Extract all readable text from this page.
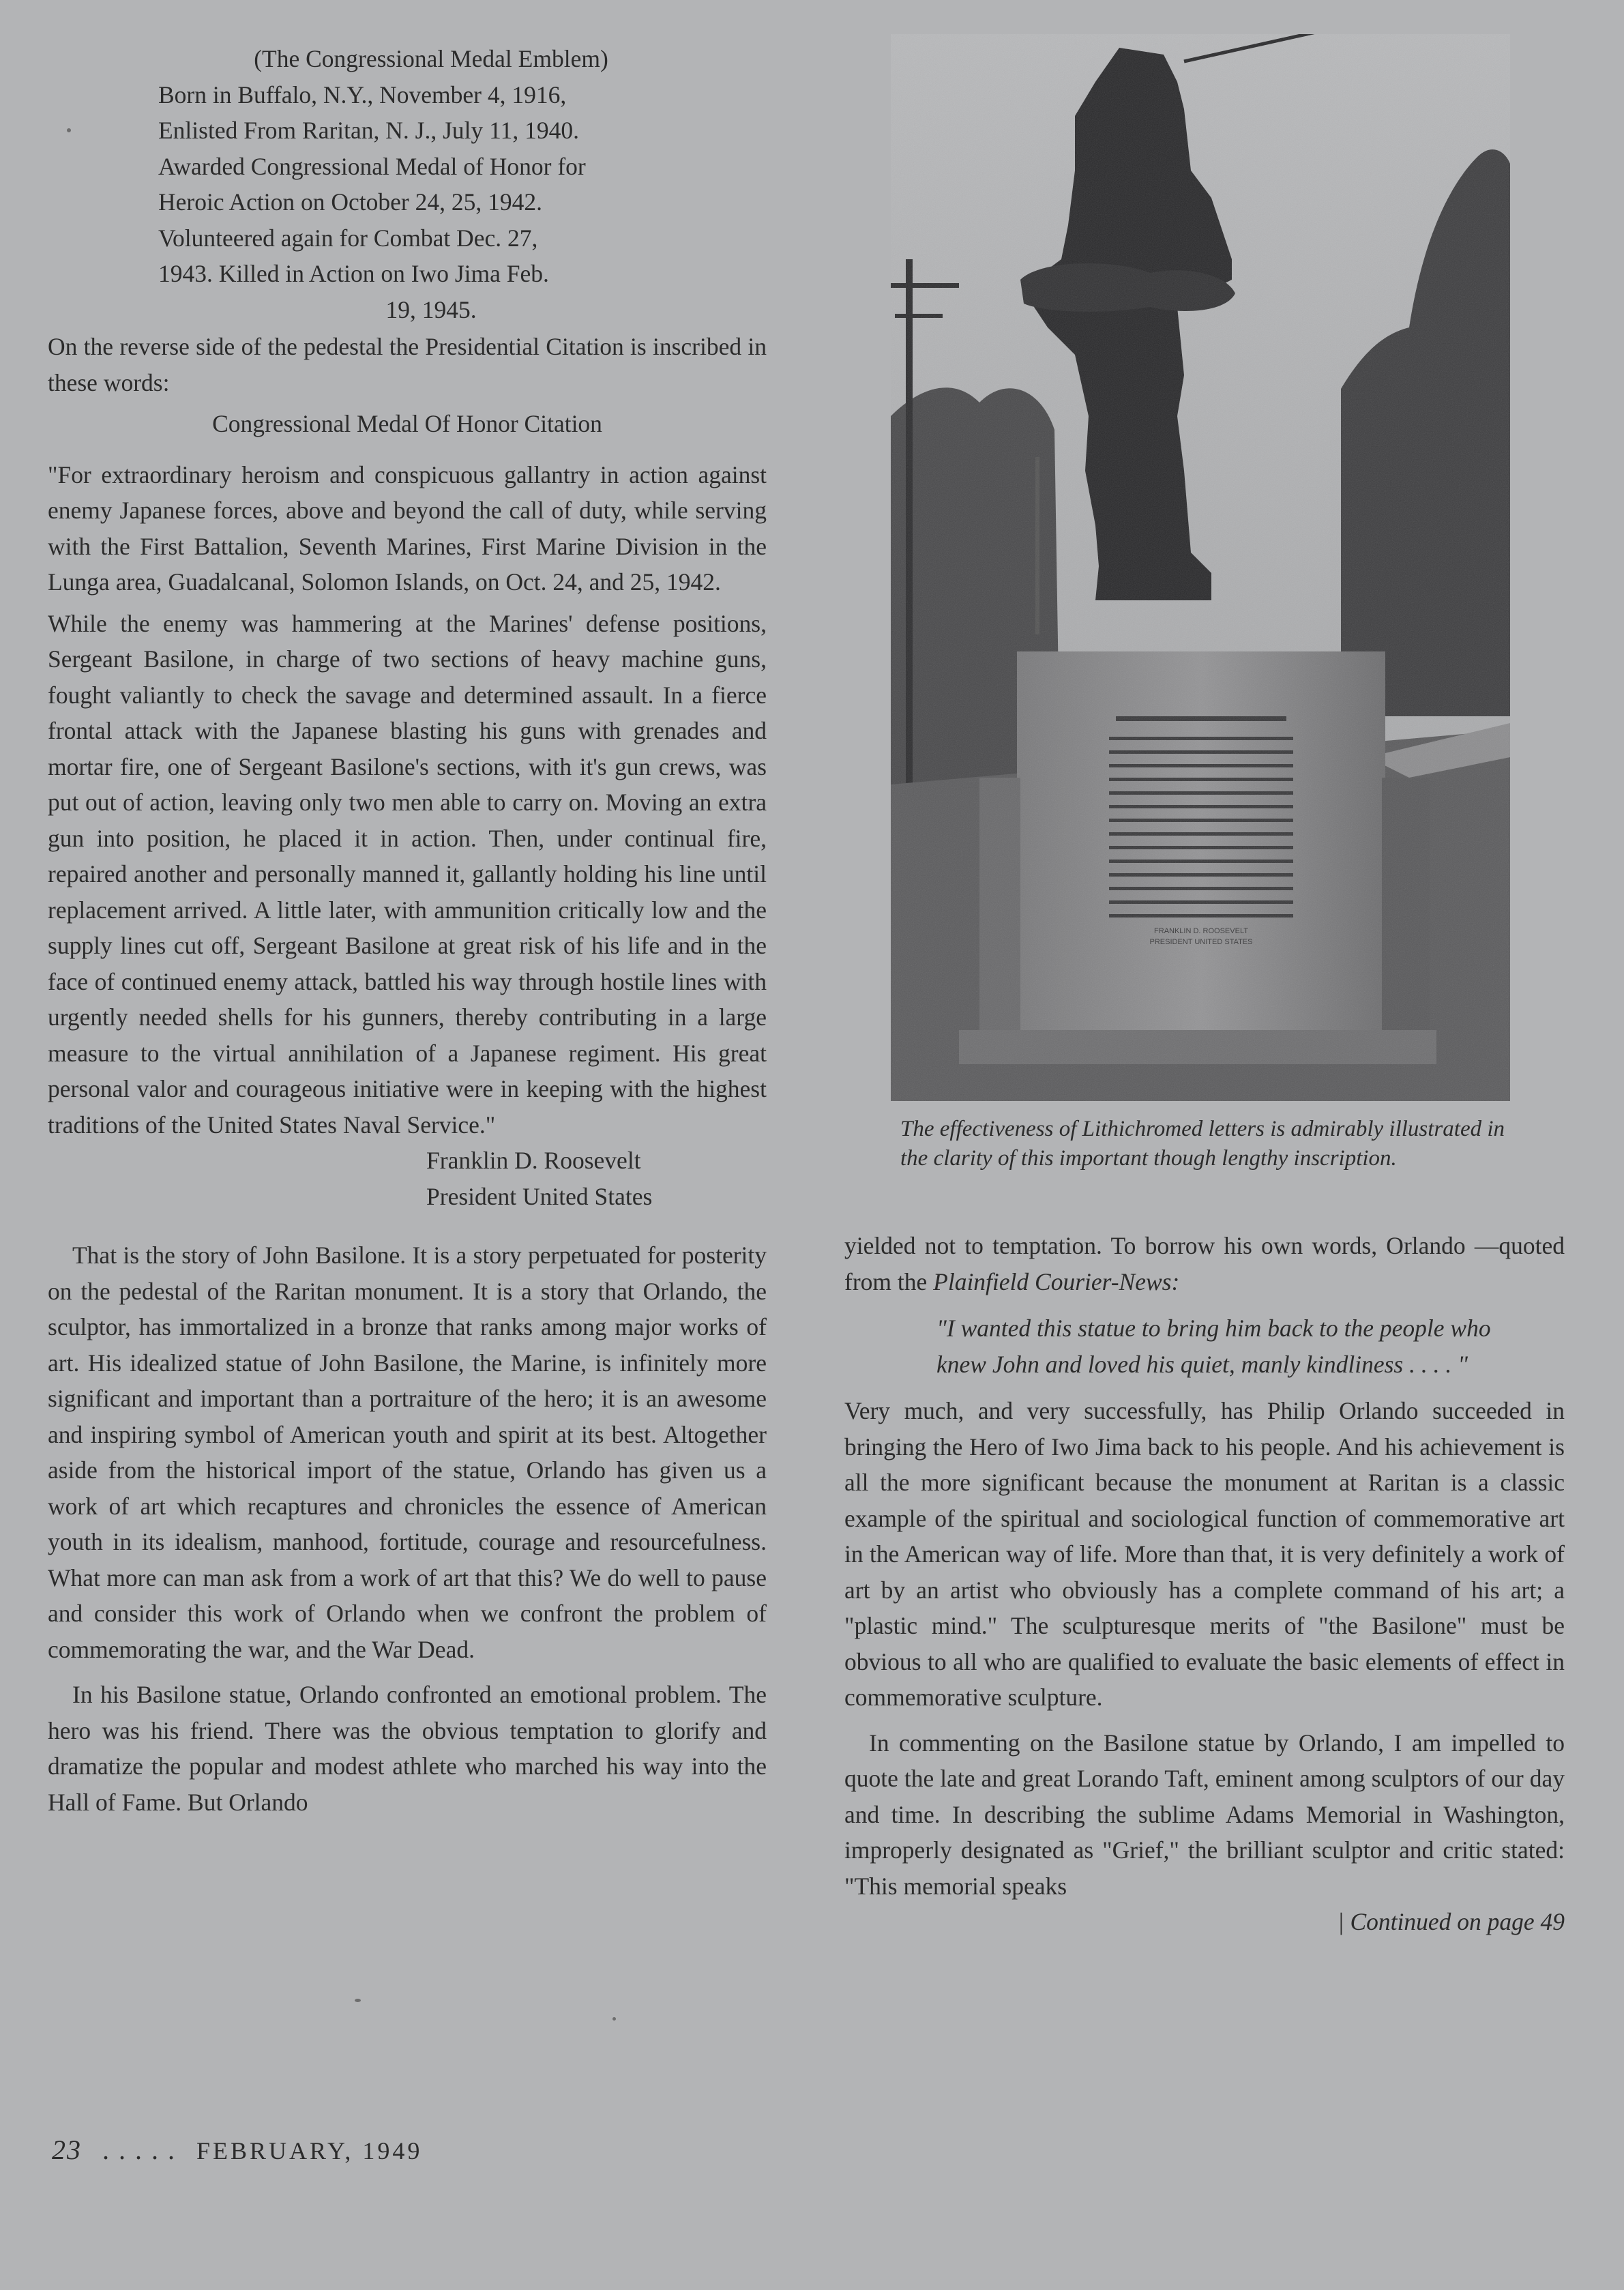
(The Congressional Medal Emblem)
Born in Buffalo, N.Y., November 4, 1916,
Enlisted From Raritan, N. J., July 11, 1940.
Awarded Congressional Medal of Honor for
Heroic Action on October 24, 25, 1942.
Volunteered again for Combat Dec. 27,
1943. Killed in Action on Iwo Jima Feb.
19, 1945.

On the reverse side of the pedestal the Presidential Citation is inscribed in these words:

Congressional Medal Of Honor Citation

"For extraordinary heroism and conspicuous gallantry in action against enemy Japanese forces, above and beyond the call of duty, while serving with the First Battalion, Seventh Marines, First Marine Division in the Lunga area, Guadalcanal, Solomon Islands, on Oct. 24, and 25, 1942.

While the enemy was hammering at the Marines' defense positions, Sergeant Basilone, in charge of two sections of heavy machine guns, fought valiantly to check the savage and determined assault. In a fierce frontal attack with the Japanese blasting his guns with grenades and mortar fire, one of Sergeant Basilone's sections, with it's gun crews, was put out of action, leaving only two men able to carry on. Moving an extra gun into position, he placed it in action. Then, under continual fire, repaired another and personally manned it, gallantly holding his line until replacement arrived. A little later, with ammunition critically low and the supply lines cut off, Sergeant Basilone at great risk of his life and in the face of continued enemy attack, battled his way through hostile lines with urgently needed shells for his gunners, thereby contributing in a large measure to the virtual annihilation of a Japanese regiment. His great personal valor and courageous initiative were in keeping with the highest traditions of the United States Naval Service."

Franklin D. Roosevelt
President United States

That is the story of John Basilone. It is a story perpetuated for posterity on the pedestal of the Raritan monument. It is a story that Orlando, the sculptor, has immortalized in a bronze that ranks among major works of art. His idealized statue of John Basilone, the Marine, is infinitely more significant and important than a portraiture of the hero; it is an awesome and inspiring symbol of American youth and spirit at its best. Altogether aside from the historical import of the statue, Orlando has given us a work of art which recaptures and chronicles the essence of American youth in its idealism, manhood, fortitude, courage and resourcefulness. What more can man ask from a work of art that this? We do well to pause and consider this work of Orlando when we confront the problem of commemorating the war, and the War Dead.

In his Basilone statue, Orlando confronted an emotional problem. The hero was his friend. There was the obvious temptation to glorify and dramatize the popular and modest athlete who marched his way into the Hall of Fame. But Orlando

The effectiveness of Lithichromed letters is admirably illustrated in the clarity of this important though lengthy inscription.

yielded not to temptation. To borrow his own words, Orlando —quoted from the Plainfield Courier-News:

"I wanted this statue to bring him back to the people who knew John and loved his quiet, manly kindliness . . . . "

Very much, and very successfully, has Philip Orlando succeeded in bringing the Hero of Iwo Jima back to his people. And his achievement is all the more significant because the monument at Raritan is a classic example of the spiritual and sociological function of commemorative art in the American way of life. More than that, it is very definitely a work of art by an artist who obviously has a complete command of his art; a "plastic mind." The sculpturesque merits of "the Basilone" must be obvious to all who are qualified to evaluate the basic elements of effect in commemorative sculpture.

In commenting on the Basilone statue by Orlando, I am impelled to quote the late and great Lorando Taft, eminent among sculptors of our day and time. In describing the sublime Adams Memorial in Washington, improperly designated as "Grief," the brilliant sculptor and critic stated: "This memorial speaks

| Continued on page 49
23 . . . . . FEBRUARY, 1949
